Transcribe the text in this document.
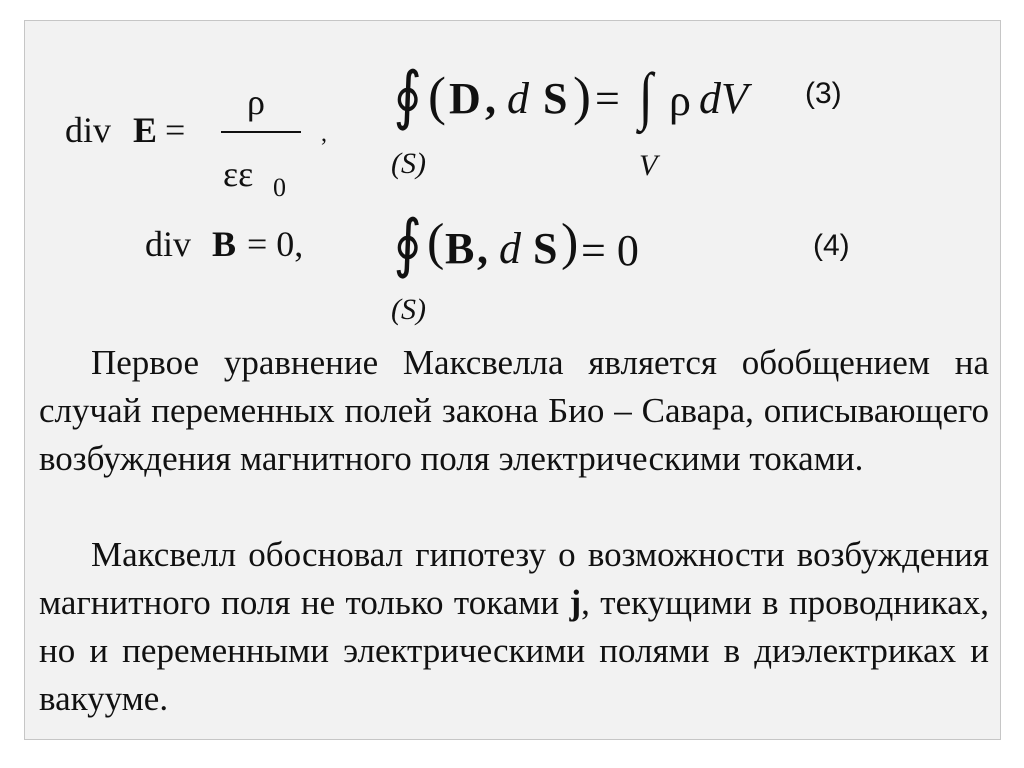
div E =
ρ
εε 0
,
∮ ( D , d S ) = ∫ ρ dV
(S)	V
(3)
div B = 0, ∮ ( B , d S ) = 0
(S)
(4)

Первое уравнение Максвелла является обобщением на случай переменных полей закона Био – Савара, описывающего возбуждения магнитного поля электрическими токами.

Максвелл обосновал гипотезу о возможности возбуждения магнитного поля не только токами j, текущими в проводниках, но и переменными электрическими полями в диэлектриках и вакууме.
